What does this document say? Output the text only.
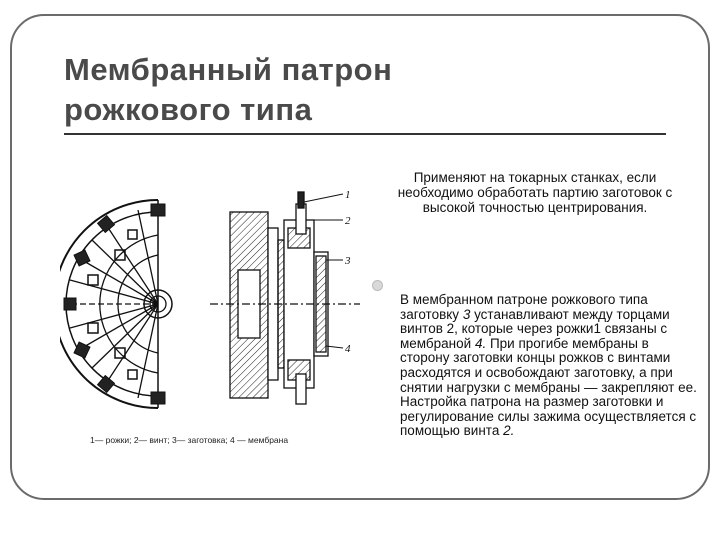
Мембранный патрон
рожкового типа
Применяют на токарных станках, если необходимо обработать партию заготовок с высокой точностью центрирования.
В мембранном патроне рожкового типа заготовку 3 устанавливают между торцами винтов 2, которые через рожки1 связаны с мембраной 4. При прогибе мембраны в сторону заготовки концы рожков с винтами расходятся и освобождают заготовку, а при снятии нагрузки с мембраны — закрепляют ее. Настройка патрона на размер заготовки и регулирование силы зажима осуществляется с помощью винта 2.
1
2
3
4
1— рожки; 2— винт; 3— заготовка; 4 — мембрана
